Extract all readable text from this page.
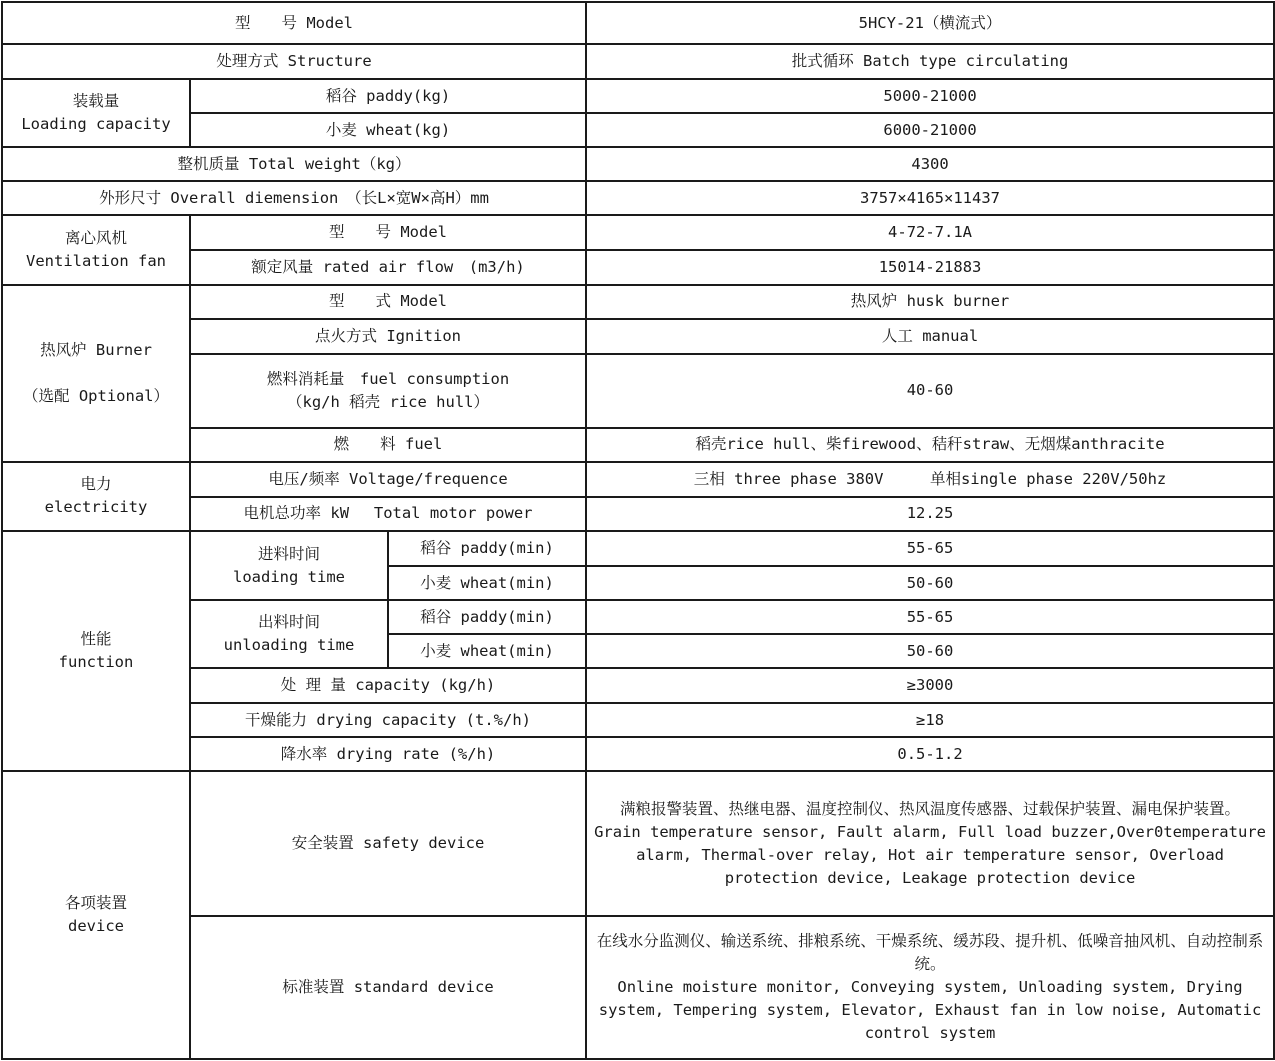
型　　号 Model			5HCY-21（横流式）
处理方式 Structure			批式循环 Batch type circulating

装载量
Loading capacity	稻谷 paddy(kg)		5000-21000
	小麦 wheat(kg)		6000-21000
整机质量 Total weight（kg）			4300
外形尺寸 Overall diemension　（长L×宽W×高H）mm			3757×4165×11437

离心风机
Ventilation fan	型　　号 Model		4-72-7.1A
	额定风量 rated air flow　(m3/h)		15014-21883

热风炉 Burner
（选配 Optional）	型　　式 Model		热风炉 husk burner
	点火方式 Ignition		人工 manual

	燃料消耗量　fuel consumption
（kg/h 稻壳 rice hull）		40-60
	燃　　料 fuel		稻壳rice hull、柴firewood、秸秆straw、无烟煤anthracite

电力
electricity	电压/频率 Voltage/frequence		三相 three phase 380V　　　单相single phase 220V/50hz
	电机总功率 kW　 Total motor power		12.25

性能
function	进料时间
loading time	稻谷 paddy(min)	55-65
		小麦 wheat(min)	50-60

	出料时间
unloading time	稻谷 paddy(min)	55-65
		小麦 wheat(min)	50-60
	处 理 量 capacity (kg/h)		≥3000
	干燥能力 drying capacity (t.%/h)		≥18
	降水率 drying rate (%/h)		0.5-1.2

各项装置
device	安全装置 safety device		满粮报警装置、热继电器、温度控制仪、热风温度传感器、过载保护装置、漏电保护装置。
Grain temperature sensor, Fault alarm, Full load buzzer,Over0temperature alarm, Thermal-over relay, Hot air temperature sensor, Overload protection device, Leakage protection device

	标准装置 standard device		在线水分监测仪、输送系统、排粮系统、干燥系统、缓苏段、提升机、低噪音抽风机、自动控制系统。
Online moisture monitor, Conveying system, Unloading system, Drying system, Tempering system, Elevator, Exhaust fan in low noise, Automatic control system
